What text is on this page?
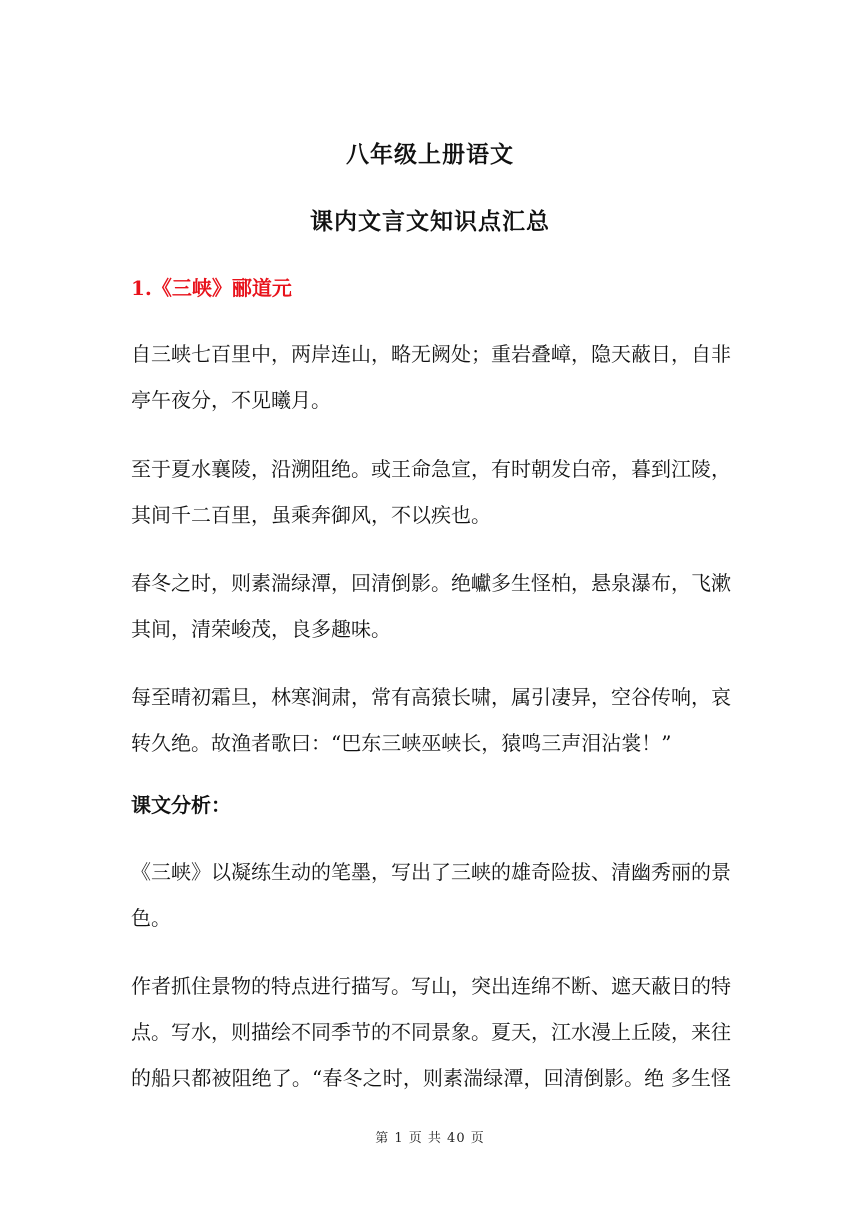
八年级上册语文
课内文言文知识点汇总
1.《三峡》郦道元
自三峡七百里中，两岸连山，略无阙处；重岩叠嶂，隐天蔽日，自非
亭午夜分，不见曦月。
至于夏水襄陵，沿溯阻绝。或王命急宣，有时朝发白帝，暮到江陵，
其间千二百里，虽乘奔御风，不以疾也。
春冬之时，则素湍绿潭，回清倒影。绝巘多生怪柏，悬泉瀑布，飞漱
其间，清荣峻茂，良多趣味。
每至晴初霜旦，林寒涧肃，常有高猿长啸，属引凄异，空谷传响，哀
转久绝。故渔者歌曰：“巴东三峡巫峡长，猿鸣三声泪沾裳！”
课文分析：
《三峡》以凝练生动的笔墨，写出了三峡的雄奇险拔、清幽秀丽的景
色。
作者抓住景物的特点进行描写。写山，突出连绵不断、遮天蔽日的特
点。写水，则描绘不同季节的不同景象。夏天，江水漫上丘陵，来往
的船只都被阻绝了。“春冬之时，则素湍绿潭，回清倒影。绝 多生怪
第 1 页 共 40 页
